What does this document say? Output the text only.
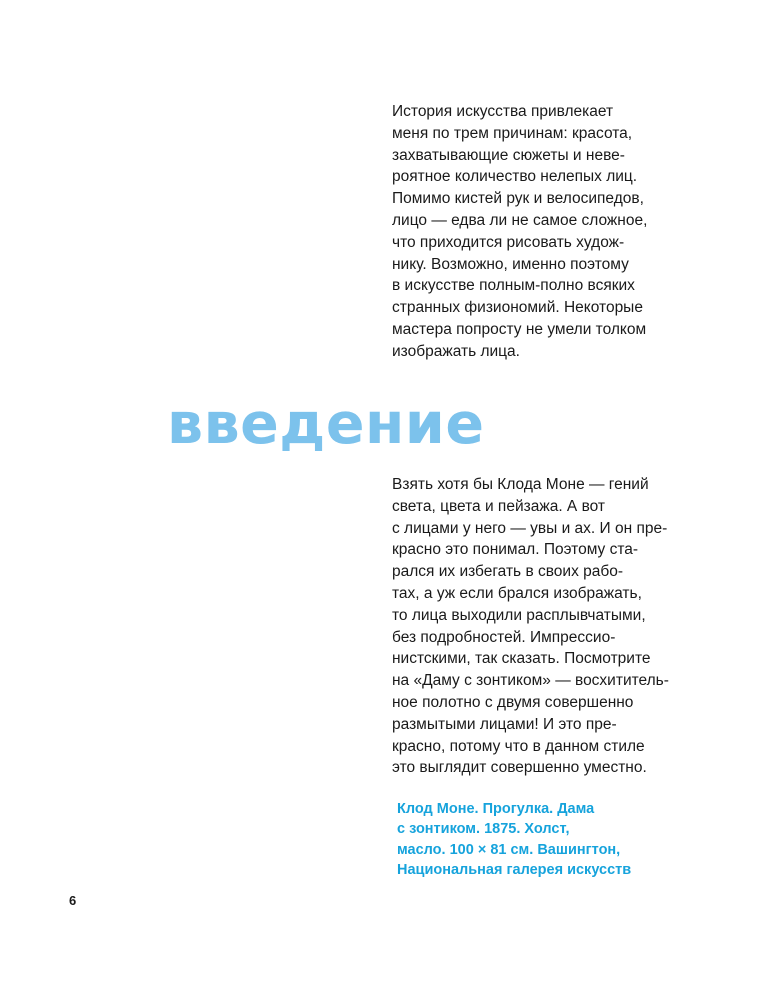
История искусства привлекает
меня по трем причинам: красота,
захватывающие сюжеты и неве-
роятное количество нелепых лиц.
Помимо кистей рук и велосипедов,
лицо — едва ли не самое сложное,
что приходится рисовать худож-
нику. Возможно, именно поэтому
в искусстве полным-полно всяких
странных физиономий. Некоторые
мастера попросту не умели толком
изображать лица.

введение

Взять хотя бы Клода Моне — гений
света, цвета и пейзажа. А вот
с лицами у него — увы и ах. И он пре-
красно это понимал. Поэтому ста-
рался их избегать в своих рабо-
тах, а уж если брался изображать,
то лица выходили расплывчатыми,
без подробностей. Импрессио-
нистскими, так сказать. Посмотрите
на «Даму с зонтиком» — восхититель-
ное полотно с двумя совершенно
размытыми лицами! И это пре-
красно, потому что в данном стиле
это выглядит совершенно уместно.

Клод Моне. Прогулка. Дама
с зонтиком. 1875. Холст,
масло. 100 × 81 см. Вашингтон,
Национальная галерея искусств

6
